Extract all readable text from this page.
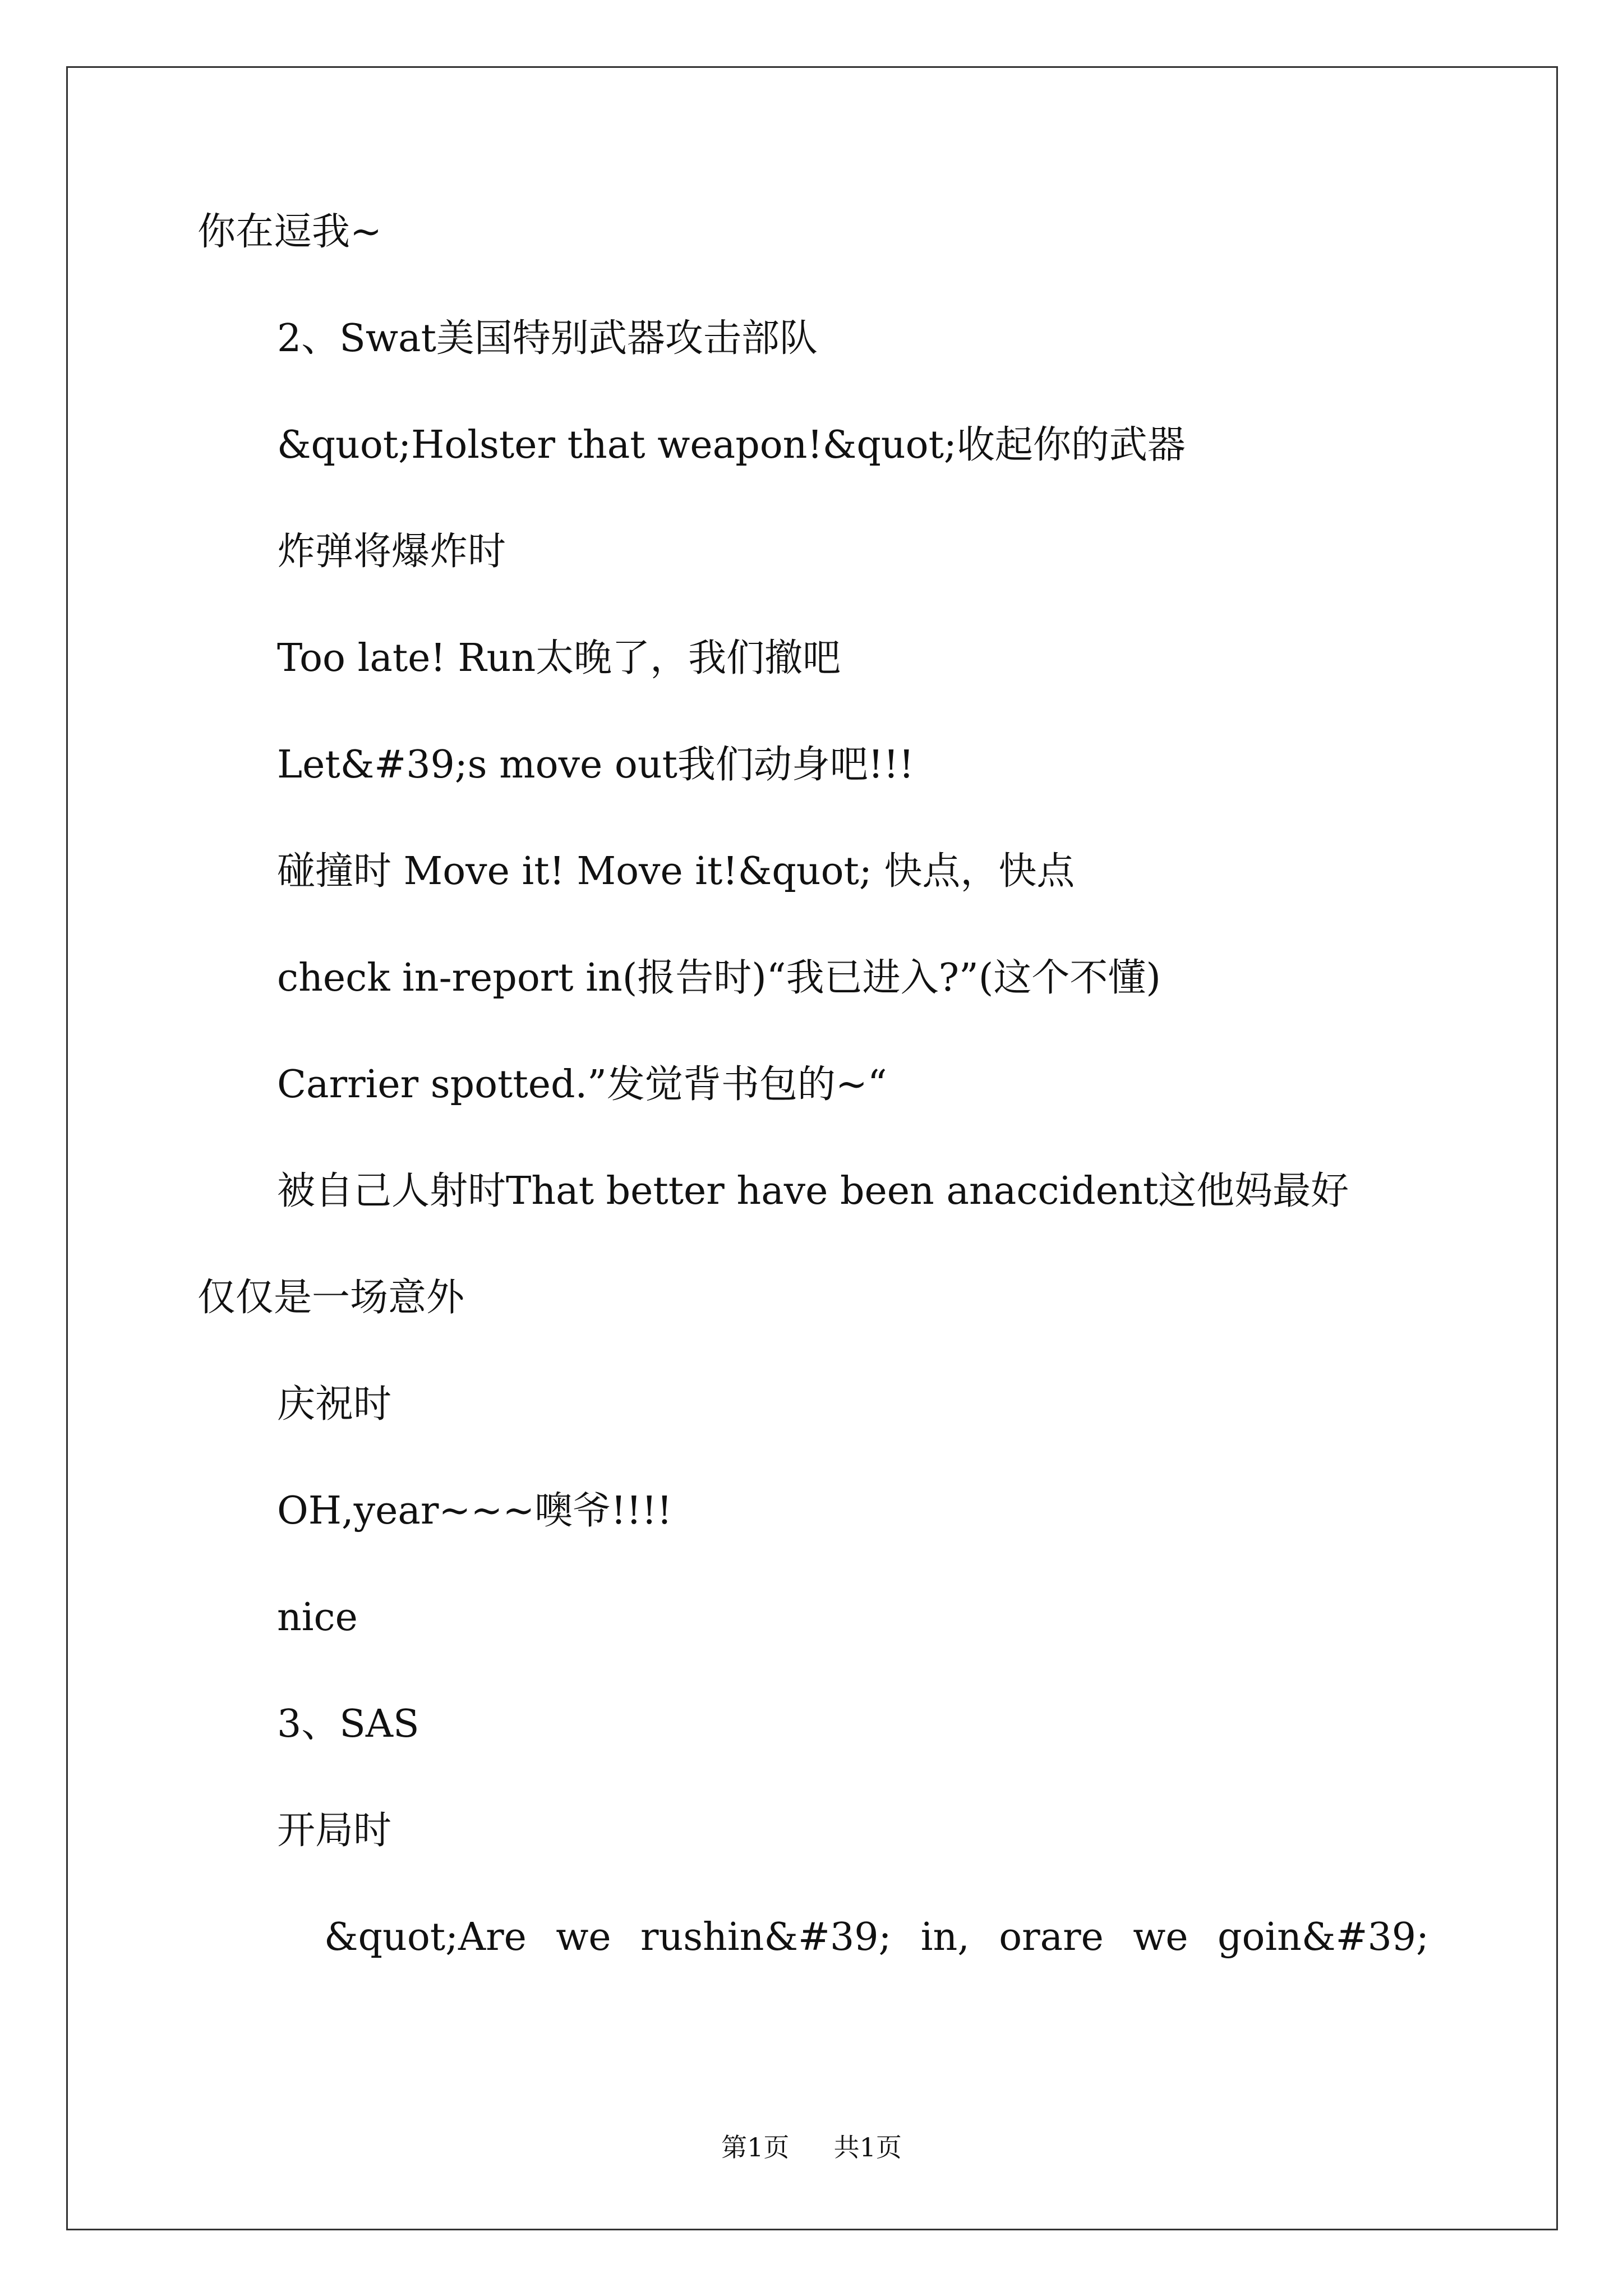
你在逗我~
2、Swat美国特别武器攻击部队
&quot;Holster that weapon!&quot;收起你的武器
炸弹将爆炸时
Too late! Run太晚了，我们撤吧
Let&#39;s move out我们动身吧!!!
碰撞时 Move it! Move it!&quot; 快点，快点
check in-report in(报告时)“我已进入?”(这个不懂)
Carrier spotted.”发觉背书包的~“
被自己人射时That better have been anaccident这他妈最好
仅仅是一场意外
庆祝时
OH,year~~~噢爷!!!!
nice
3、SAS
开局时
&quot;Are we rushin&#39; in, orare we goin&#39;
第1页 共1页
